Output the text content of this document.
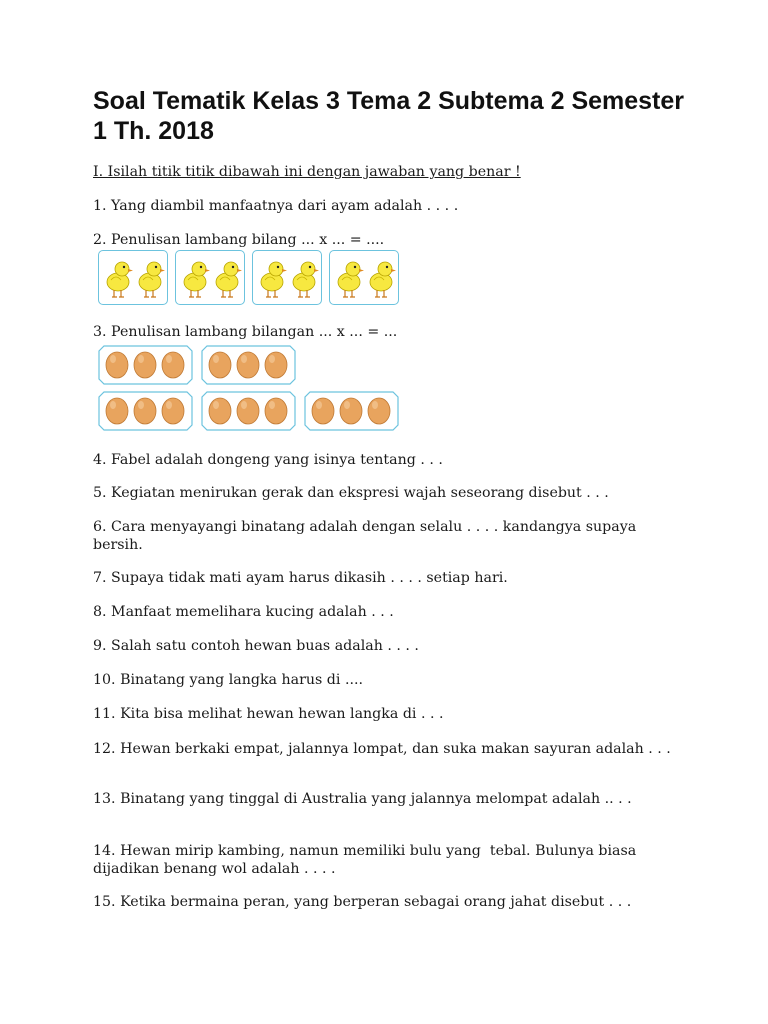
Soal Tematik Kelas 3 Tema 2 Subtema 2 Semester 1 Th. 2018
I. Isilah titik titik dibawah ini dengan jawaban yang benar !
1. Yang diambil manfaatnya dari ayam adalah . . . .
2. Penulisan lambang bilang ... x ... = ....
3. Penulisan lambang bilangan ... x ... = ...
4. Fabel adalah dongeng yang isinya tentang . . .
5. Kegiatan menirukan gerak dan ekspresi wajah seseorang disebut . . .
6. Cara menyayangi binatang adalah dengan selalu . . . . kandangya supaya bersih.
7. Supaya tidak mati ayam harus dikasih . . . . setiap hari.
8. Manfaat memelihara kucing adalah . . .
9. Salah satu contoh hewan buas adalah . . . .
10. Binatang yang langka harus di ....
11. Kita bisa melihat hewan hewan langka di . . .
12. Hewan berkaki empat, jalannya lompat, dan suka makan sayuran adalah . . .
13. Binatang yang tinggal di Australia yang jalannya melompat adalah .. . .
14. Hewan mirip kambing, namun memiliki bulu yang  tebal. Bulunya biasa dijadikan benang wol adalah . . . .
15. Ketika bermaina peran, yang berperan sebagai orang jahat disebut . . .
